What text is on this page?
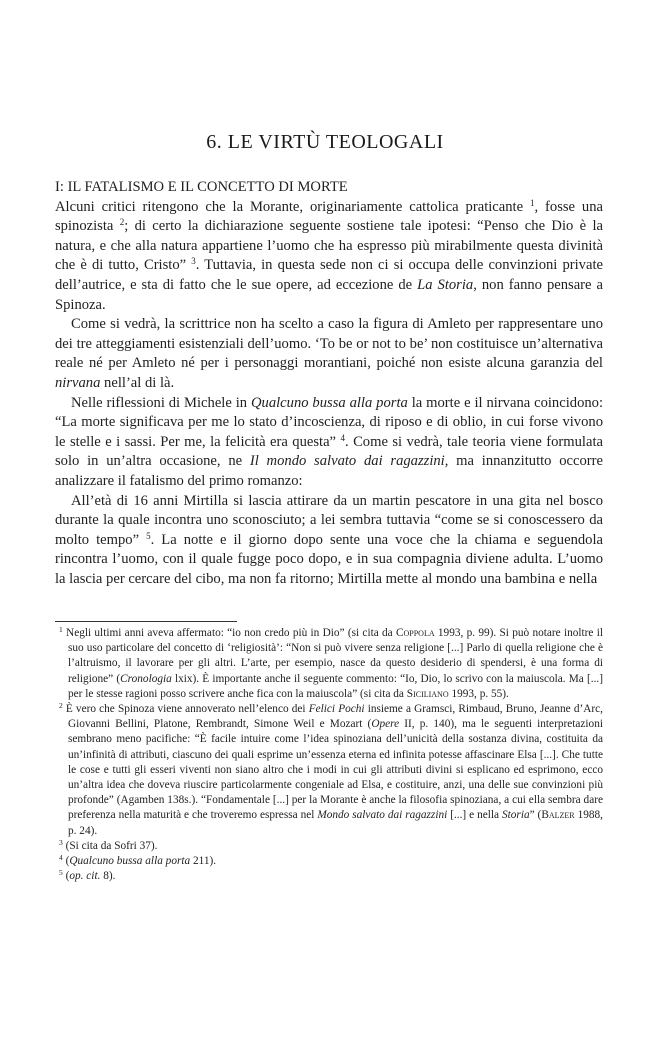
6. LE VIRTÙ TEOLOGALI
I: IL FATALISMO E IL CONCETTO DI MORTE

Alcuni critici ritengono che la Morante, originariamente cattolica praticante $^1$, fosse una spinozista $^2$; di certo la dichiarazione seguente sostiene tale ipotesi: “Penso che Dio è la natura, e che alla natura appartiene l’uomo che ha espresso più mirabilmente questa divinità che è di tutto, Cristo” $^3$. Tuttavia, in questa sede non ci si occupa delle convinzioni private dell’autrice, e sta di fatto che le sue opere, ad eccezione de La Storia, non fanno pensare a Spinoza.

Come si vedrà, la scrittrice non ha scelto a caso la figura di Amleto per rappresentare uno dei tre atteggiamenti esistenziali dell’uomo. ‘To be or not to be’ non costituisce un’alternativa reale né per Amleto né per i personaggi morantiani, poiché non esiste alcuna garanzia del nirvana nell’al di là.

Nelle riflessioni di Michele in Qualcuno bussa alla porta la morte e il nirvana coincidono: “La morte significava per me lo stato d’incoscienza, di riposo e di oblio, in cui forse vivono le stelle e i sassi. Per me, la felicità era questa” $^4$. Come si vedrà, tale teoria viene formulata solo in un’altra occasione, ne Il mondo salvato dai ragazzini, ma innanzitutto occorre analizzare il fatalismo del primo romanzo:

All’età di 16 anni Mirtilla si lascia attirare da un martin pescatore in una gita nel bosco durante la quale incontra uno sconosciuto; a lei sembra tuttavia “come se si conoscessero da molto tempo” $^5$. La notte e il giorno dopo sente una voce che la chiama e seguendola rincontra l’uomo, con il quale fugge poco dopo, e in sua compagnia diviene adulta. L’uomo la lascia per cercare del cibo, ma non fa ritorno; Mirtilla mette al mondo una bambina e nella

$^1$ Negli ultimi anni aveva affermato: “io non credo più in Dio” (si cita da Coppola 1993, p. 99). Si può notare inoltre il suo uso particolare del concetto di ‘religiosità’: “Non si può vivere senza religione [...] Parlo di quella religione che è l’altruismo, il lavorare per gli altri. L’arte, per esempio, nasce da questo desiderio di spendersi, è una forma di religione” (Cronologia lxix). È importante anche il seguente commento: “Io, Dio, lo scrivo con la maiuscola. Ma [...] per le stesse ragioni posso scrivere anche fica con la maiuscola” (si cita da Siciliano 1993, p. 55).

$^2$ È vero che Spinoza viene annoverato nell’elenco dei Felici Pochi insieme a Gramsci, Rimbaud, Bruno, Jeanne d’Arc, Giovanni Bellini, Platone, Rembrandt, Simone Weil e Mozart (Opere II, p. 140), ma le seguenti interpretazioni sembrano meno pacifiche: “È facile intuire come l’idea spinoziana dell’unicità della sostanza divina, costituita da un’infinità di attributi, ciascuno dei quali esprime un’essenza eterna ed infinita potesse affascinare Elsa [...]. Che tutte le cose e tutti gli esseri viventi non siano altro che i modi in cui gli attributi divini si esplicano ed esprimono, ecco un’altra idea che doveva riuscire particolarmente congeniale ad Elsa, e costituire, anzi, una delle sue convinzioni più profonde” (Agamben 138s.). “Fondamentale [...] per la Morante è anche la filosofia spinoziana, a cui ella sembra dare preferenza nella maturità e che troveremo espressa nel Mondo salvato dai ragazzini [...] e nella Storia” (Balzer 1988, p. 24).

$^3$ (Si cita da Sofri 37).

$^4$ (Qualcuno bussa alla porta 211).

$^5$ (op. cit. 8).
